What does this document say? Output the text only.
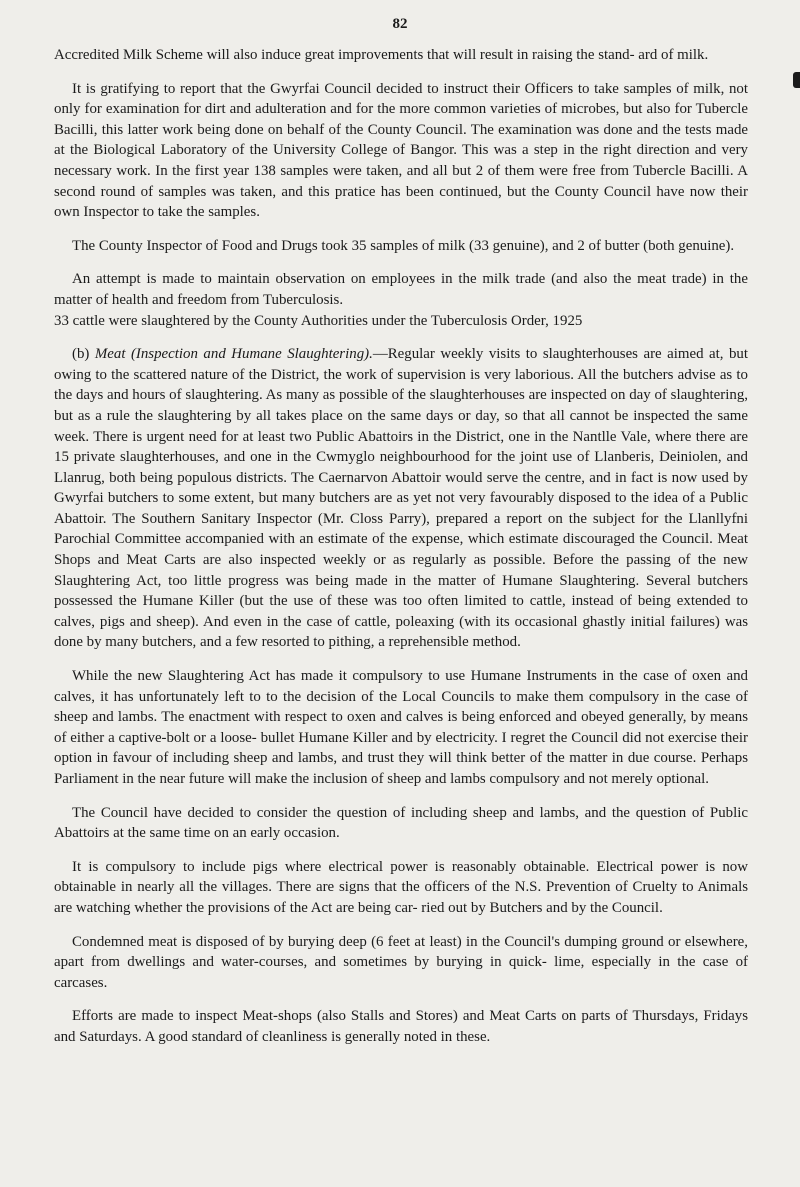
82

Accredited Milk Scheme will also induce great improvements that will result in raising the stand- ard of milk.

It is gratifying to report that the Gwyrfai Council decided to instruct their Officers to take samples of milk, not only for examination for dirt and adulteration and for the more common varieties of microbes, but also for Tubercle Bacilli, this latter work being done on behalf of the County Council. The examination was done and the tests made at the Biological Laboratory of the University College of Bangor. This was a step in the right direction and very necessary work. In the first year 138 samples were taken, and all but 2 of them were free from Tubercle Bacilli. A second round of samples was taken, and this pratice has been continued, but the County Council have now their own Inspector to take the samples.

The County Inspector of Food and Drugs took 35 samples of milk (33 genuine), and 2 of butter (both genuine).

An attempt is made to maintain observation on employees in the milk trade (and also the meat trade) in the matter of health and freedom from Tuberculosis.

33 cattle were slaughtered by the County Authorities under the Tuberculosis Order, 1925

(b) Meat (Inspection and Humane Slaughtering).—Regular weekly visits to slaughterhouses are aimed at, but owing to the scattered nature of the District, the work of supervision is very laborious. All the butchers advise as to the days and hours of slaughtering. As many as possible of the slaughterhouses are inspected on day of slaughtering, but as a rule the slaughtering by all takes place on the same days or day, so that all cannot be inspected the same week. There is urgent need for at least two Public Abattoirs in the District, one in the Nantlle Vale, where there are 15 private slaughterhouses, and one in the Cwmyglo neighbourhood for the joint use of Llanberis, Deiniolen, and Llanrug, both being populous districts. The Caernarvon Abattoir would serve the centre, and in fact is now used by Gwyrfai butchers to some extent, but many butchers are as yet not very favourably disposed to the idea of a Public Abattoir. The Southern Sanitary Inspector (Mr. Closs Parry), prepared a report on the subject for the Llanllyfni Parochial Committee accompanied with an estimate of the expense, which estimate discouraged the Council. Meat Shops and Meat Carts are also inspected weekly or as regularly as possible. Before the passing of the new Slaughtering Act, too little progress was being made in the matter of Humane Slaughtering. Several butchers possessed the Humane Killer (but the use of these was too often limited to cattle, instead of being extended to calves, pigs and sheep). And even in the case of cattle, poleaxing (with its occasional ghastly initial failures) was done by many butchers, and a few resorted to pithing, a reprehensible method.

While the new Slaughtering Act has made it compulsory to use Humane Instruments in the case of oxen and calves, it has unfortunately left to to the decision of the Local Councils to make them compulsory in the case of sheep and lambs. The enactment with respect to oxen and calves is being enforced and obeyed generally, by means of either a captive-bolt or a loose- bullet Humane Killer and by electricity. I regret the Council did not exercise their option in favour of including sheep and lambs, and trust they will think better of the matter in due course. Perhaps Parliament in the near future will make the inclusion of sheep and lambs compulsory and not merely optional.

The Council have decided to consider the question of including sheep and lambs, and the question of Public Abattoirs at the same time on an early occasion.

It is compulsory to include pigs where electrical power is reasonably obtainable. Electrical power is now obtainable in nearly all the villages. There are signs that the officers of the N.S. Prevention of Cruelty to Animals are watching whether the provisions of the Act are being car- ried out by Butchers and by the Council.

Condemned meat is disposed of by burying deep (6 feet at least) in the Council's dumping ground or elsewhere, apart from dwellings and water-courses, and sometimes by burying in quick- lime, especially in the case of carcases.

Efforts are made to inspect Meat-shops (also Stalls and Stores) and Meat Carts on parts of Thursdays, Fridays and Saturdays. A good standard of cleanliness is generally noted in these.
